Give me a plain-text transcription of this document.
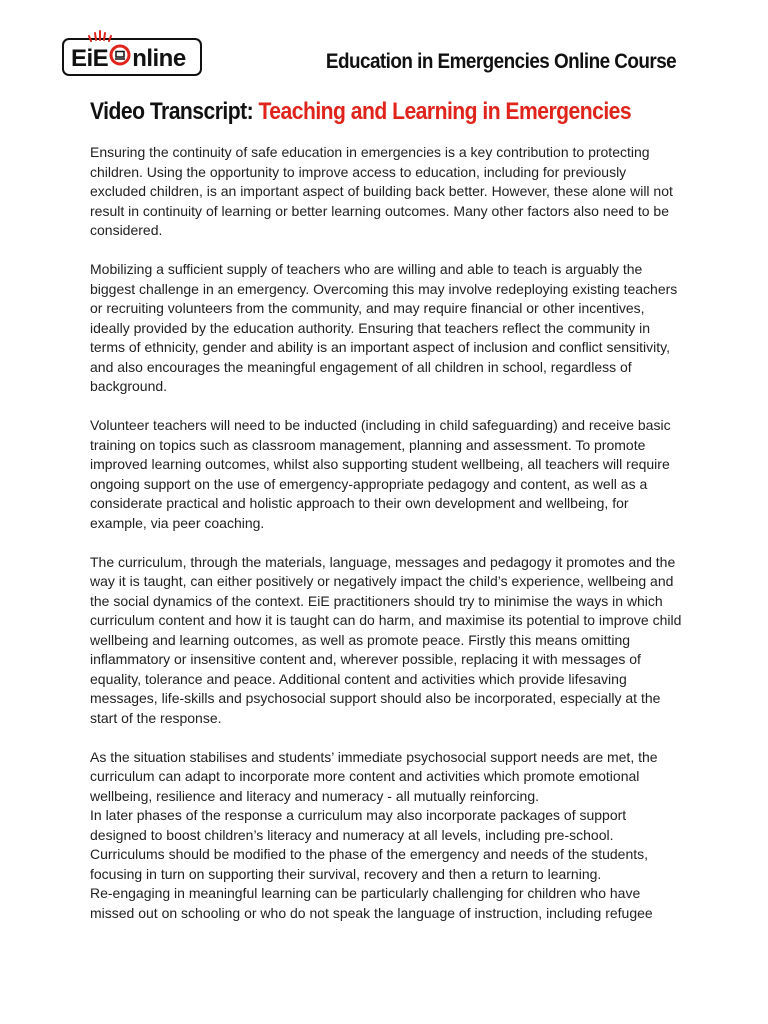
EiE nline	Education in Emergencies Online Course
Video Transcript: Teaching and Learning in Emergencies

Ensuring the continuity of safe education in emergencies is a key contribution to protecting children. Using the opportunity to improve access to education, including for previously excluded children, is an important aspect of building back better. However, these alone will not result in continuity of learning or better learning outcomes. Many other factors also need to be considered.

Mobilizing a sufficient supply of teachers who are willing and able to teach is arguably the biggest challenge in an emergency. Overcoming this may involve redeploying existing teachers or recruiting volunteers from the community, and may require financial or other incentives, ideally provided by the education authority. Ensuring that teachers reflect the community in terms of ethnicity, gender and ability is an important aspect of inclusion and conflict sensitivity, and also encourages the meaningful engagement of all children in school, regardless of background.

Volunteer teachers will need to be inducted (including in child safeguarding) and receive basic training on topics such as classroom management, planning and assessment. To promote improved learning outcomes, whilst also supporting student wellbeing, all teachers will require ongoing support on the use of emergency-appropriate pedagogy and content, as well as a considerate practical and holistic approach to their own development and wellbeing, for example, via peer coaching.

The curriculum, through the materials, language, messages and pedagogy it promotes and the way it is taught, can either positively or negatively impact the child’s experience, wellbeing and the social dynamics of the context. EiE practitioners should try to minimise the ways in which curriculum content and how it is taught can do harm, and maximise its potential to improve child wellbeing and learning outcomes, as well as promote peace. Firstly this means omitting inflammatory or insensitive content and, wherever possible, replacing it with messages of equality, tolerance and peace. Additional content and activities which provide lifesaving messages, life-skills and psychosocial support should also be incorporated, especially at the start of the response.

As the situation stabilises and students’ immediate psychosocial support needs are met, the curriculum can adapt to incorporate more content and activities which promote emotional wellbeing, resilience and literacy and numeracy - all mutually reinforcing.

In later phases of the response a curriculum may also incorporate packages of support designed to boost children’s literacy and numeracy at all levels, including pre-school. Curriculums should be modified to the phase of the emergency and needs of the students, focusing in turn on supporting their survival, recovery and then a return to learning.

Re-engaging in meaningful learning can be particularly challenging for children who have missed out on schooling or who do not speak the language of instruction, including refugee
